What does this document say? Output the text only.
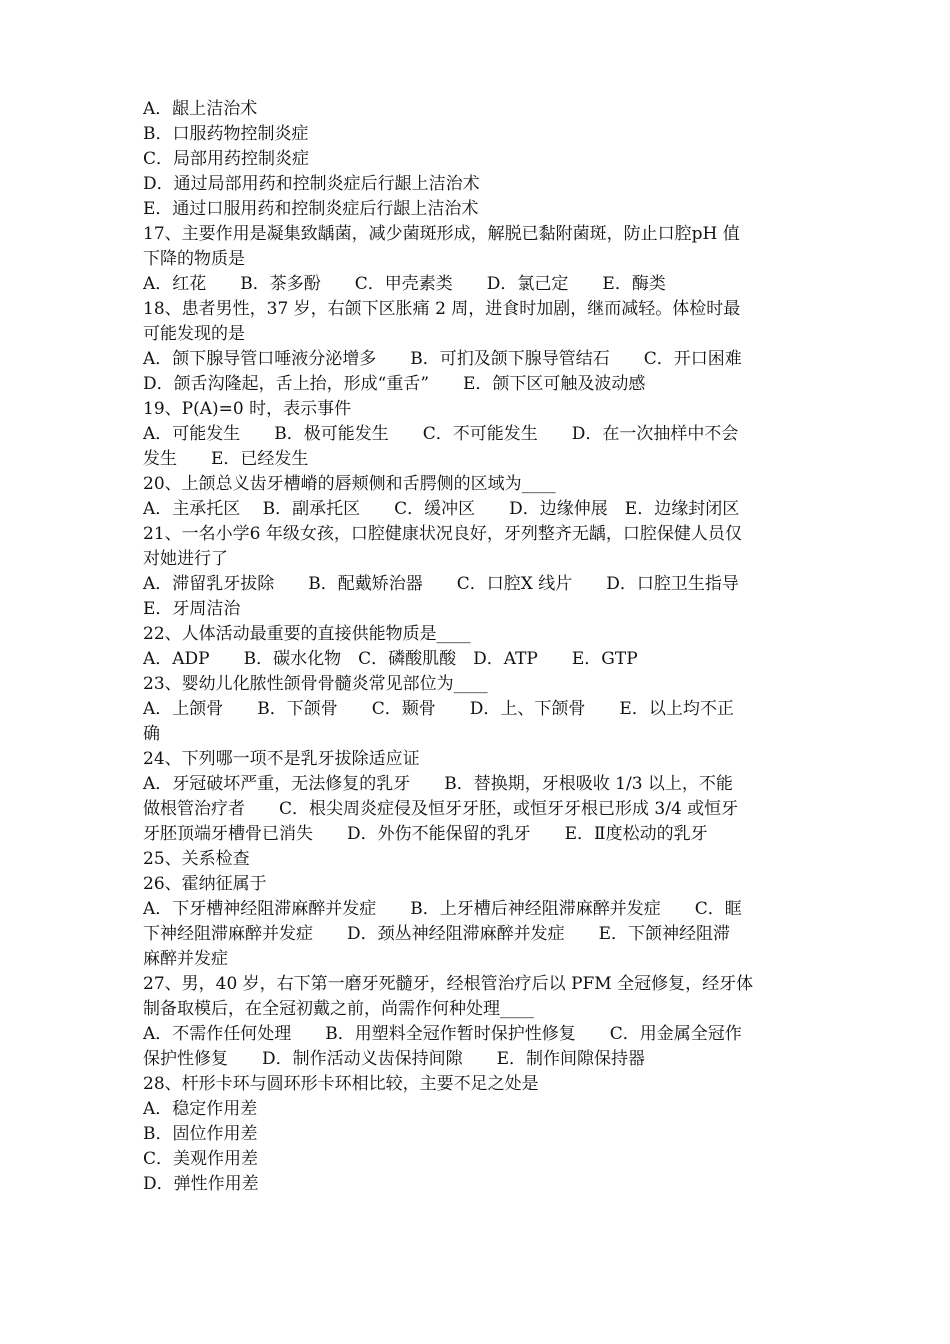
A．龈上洁治术
B．口服药物控制炎症
C．局部用药控制炎症
D．通过局部用药和控制炎症后行龈上洁治术
E．通过口服用药和控制炎症后行龈上洁治术
17、主要作用是凝集致龋菌，减少菌斑形成，解脱已黏附菌斑，防止口腔pH 值
下降的物质是
A．红花　　B．茶多酚　　C．甲壳素类　　D．氯己定　　E．酶类
18、患者男性，37 岁，右颌下区胀痛 2 周，进食时加剧，继而减轻。体检时最
可能发现的是
A．颌下腺导管口唾液分泌增多　　B．可扪及颌下腺导管结石　　C．开口困难
D．颌舌沟隆起，舌上抬，形成“重舌”　　E．颌下区可触及波动感
19、P(A)=0 时，表示事件
A．可能发生　　B．极可能发生　　C．不可能发生　　D．在一次抽样中不会
发生　　E．已经发生
20、上颌总义齿牙槽嵴的唇颊侧和舌腭侧的区域为____
A．主承托区　 B．副承托区　　C．缓冲区　　D．边缘伸展　E．边缘封闭区
21、一名小学6 年级女孩，口腔健康状况良好，牙列整齐无龋，口腔保健人员仅
对她进行了
A．滞留乳牙拔除　　B．配戴矫治器　　C．口腔X 线片　　D．口腔卫生指导
E．牙周洁治
22、人体活动最重要的直接供能物质是____
A．ADP　　B．碳水化物　C．磷酸肌酸　D．ATP　　E．GTP
23、婴幼儿化脓性颌骨骨髓炎常见部位为____
A．上颌骨　　B．下颌骨　　C．颞骨　　D．上、下颌骨　　E．以上均不正
确
24、下列哪一项不是乳牙拔除适应证
A．牙冠破坏严重，无法修复的乳牙　　B．替换期，牙根吸收 1/3 以上，不能
做根管治疗者　　C．根尖周炎症侵及恒牙牙胚，或恒牙牙根已形成 3/4 或恒牙
牙胚顶端牙槽骨已消失　　D．外伤不能保留的乳牙　　E．Ⅱ度松动的乳牙
25、关系检查
26、霍纳征属于
A．下牙槽神经阻滞麻醉并发症　　B．上牙槽后神经阻滞麻醉并发症　　C．眶
下神经阻滞麻醉并发症　　D．颈丛神经阻滞麻醉并发症　　E．下颌神经阻滞
麻醉并发症
27、男，40 岁，右下第一磨牙死髓牙，经根管治疗后以 PFM 全冠修复，经牙体
制备取模后，在全冠初戴之前，尚需作何种处理____
A．不需作任何处理　　B．用塑料全冠作暂时保护性修复　　C．用金属全冠作
保护性修复　　D．制作活动义齿保持间隙　　E．制作间隙保持器
28、杆形卡环与圆环形卡环相比较，主要不足之处是
A．稳定作用差
B．固位作用差
C．美观作用差
D．弹性作用差
